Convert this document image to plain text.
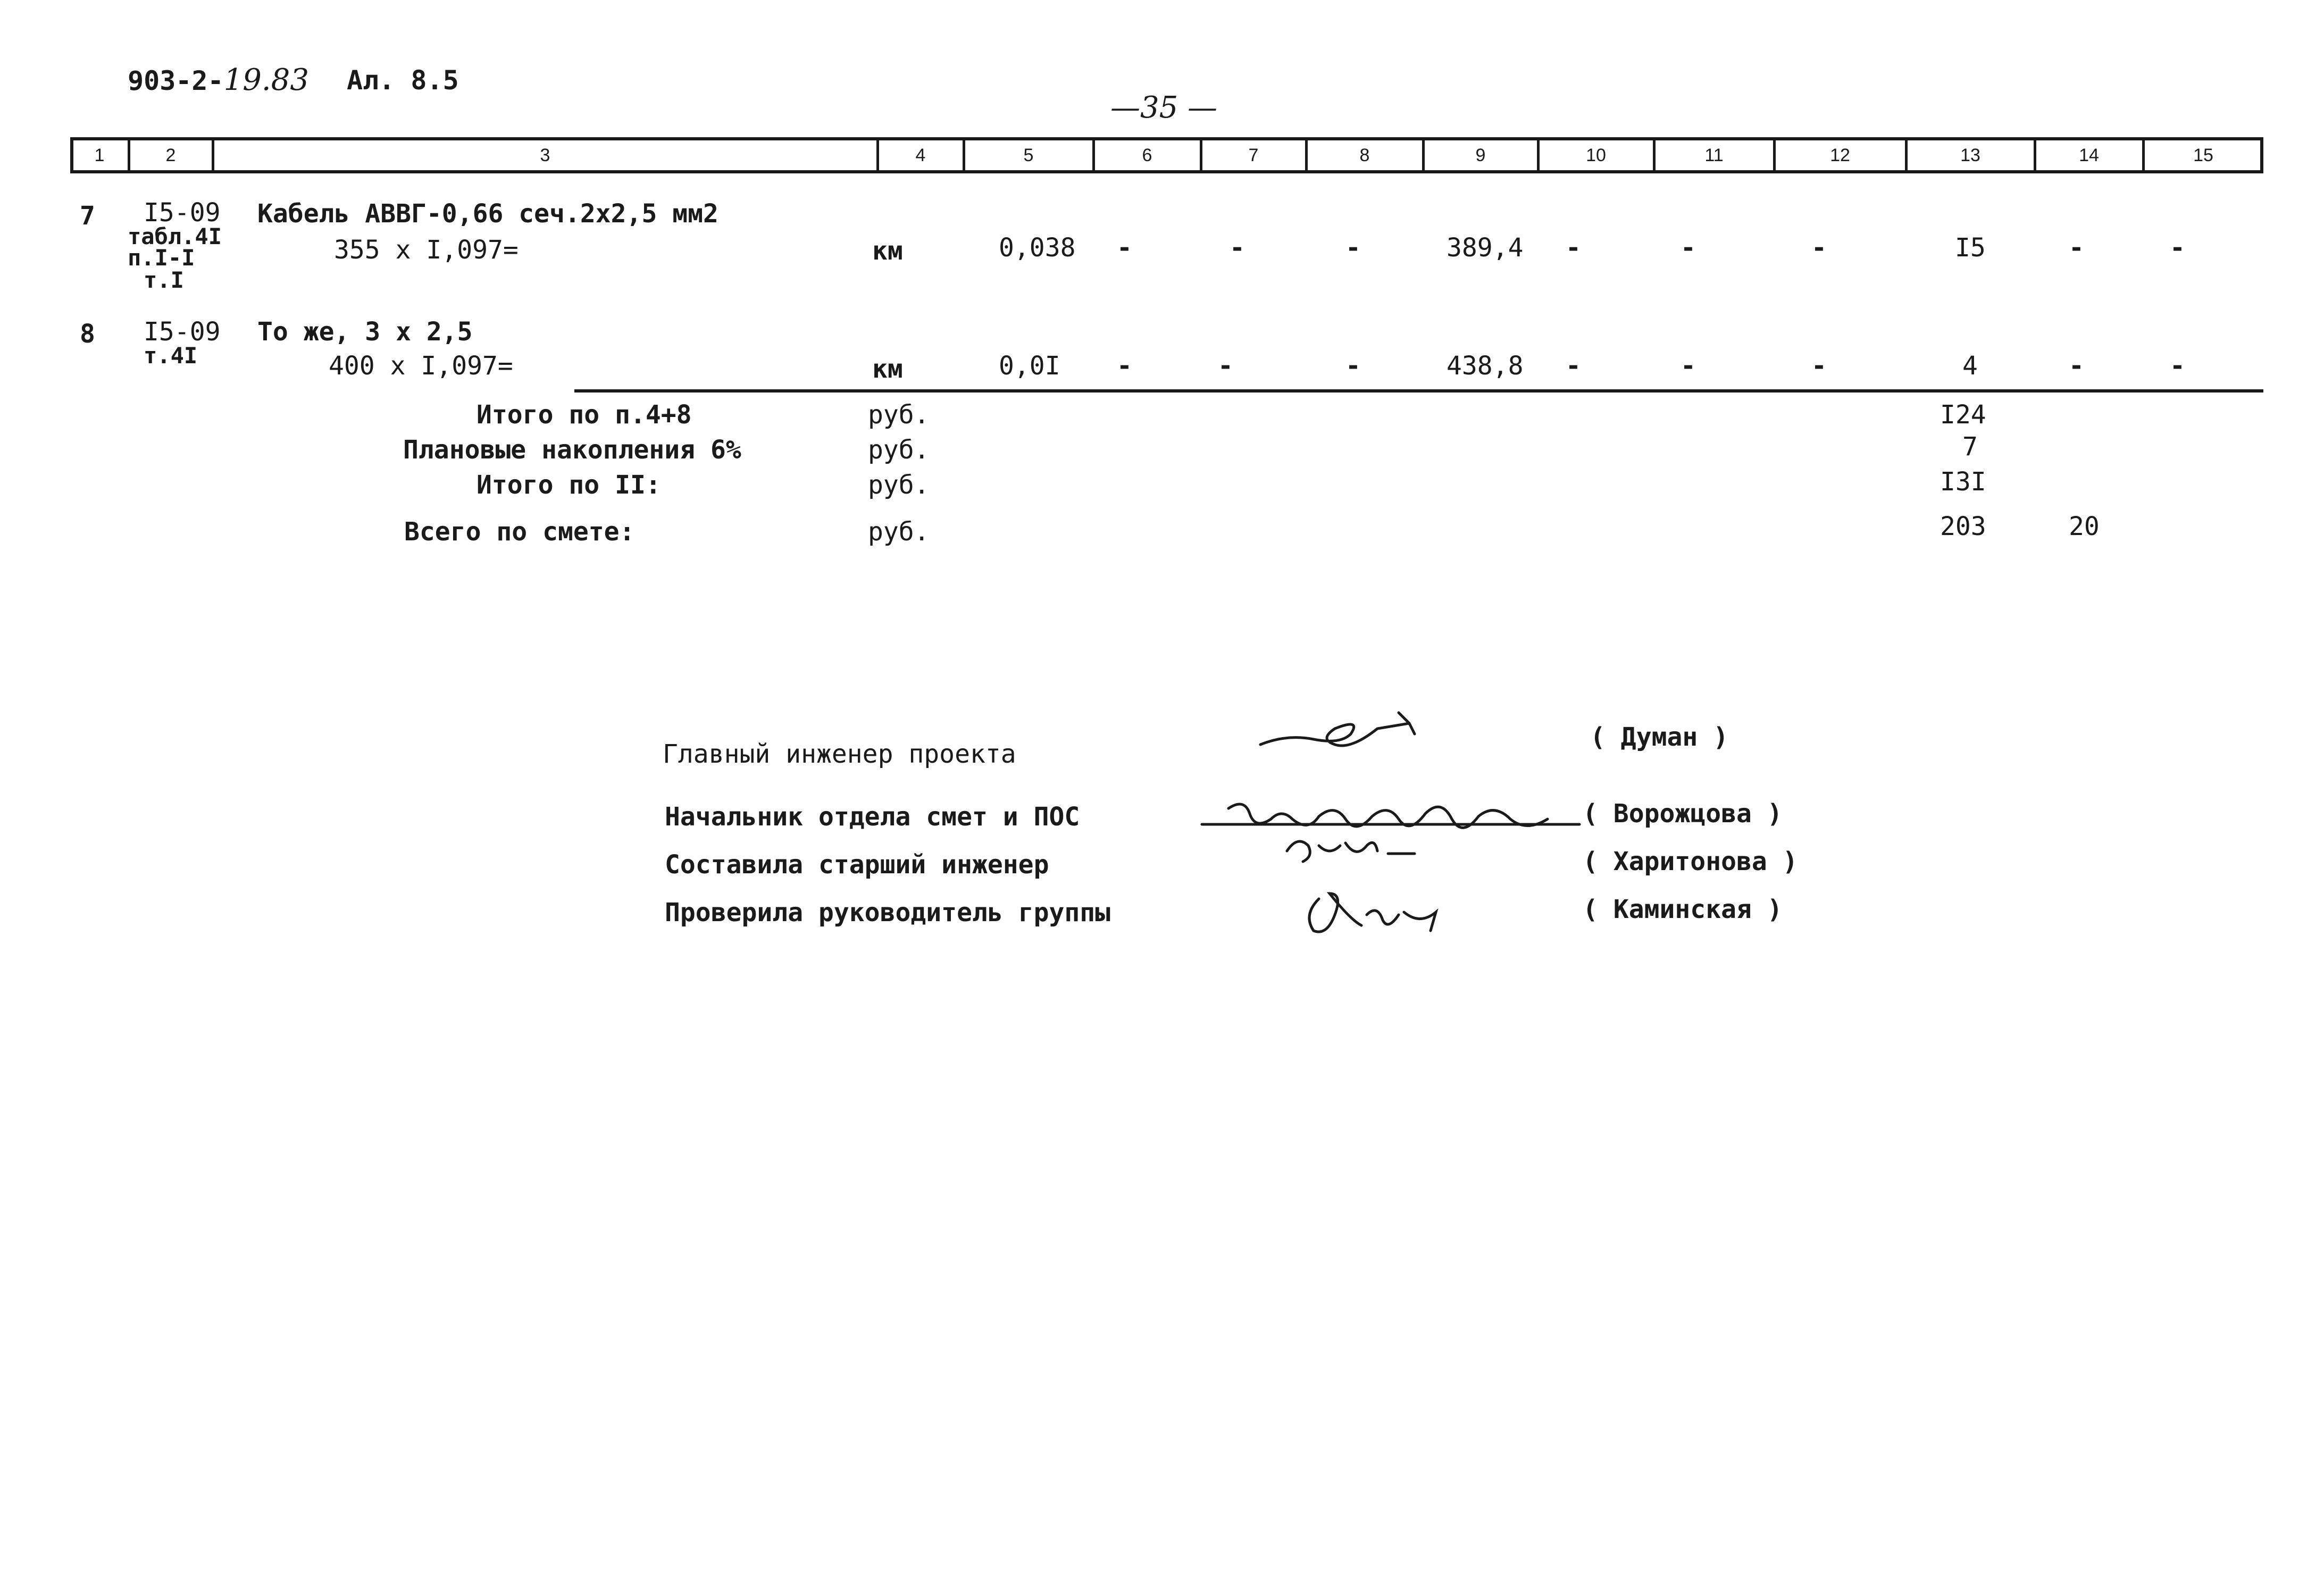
903-2-19.83 Ал. 8.5
—35 —
1	2	3	4	5	6	7	8	9	10	11	12	13	14	15
7 I5-09
табл.4I
п.I-I
т.I
Кабель АВВГ-0,66 сеч.2х2,5 мм2
355 х I,097=	км	0,038 -	-	-	389,4 -	-	-	I5	-	-
8 I5-09
т.4I
То же, 3 х 2,5
400 х I,097=	км	0,0I -	-	-	438,8 -	-	-	4	-	-
Итого по п.4+8	руб.	I24
Плановые накопления 6%	руб.	7
Итого по II:	руб.	I3I
Всего по смете:	руб.	203	20
Главный инженер проекта
( Думан )
Начальник отдела смет и ПОС	( Ворожцова )
Составила старший инженер	( Харитонова )
Проверила руководитель группы	( Каминская )
